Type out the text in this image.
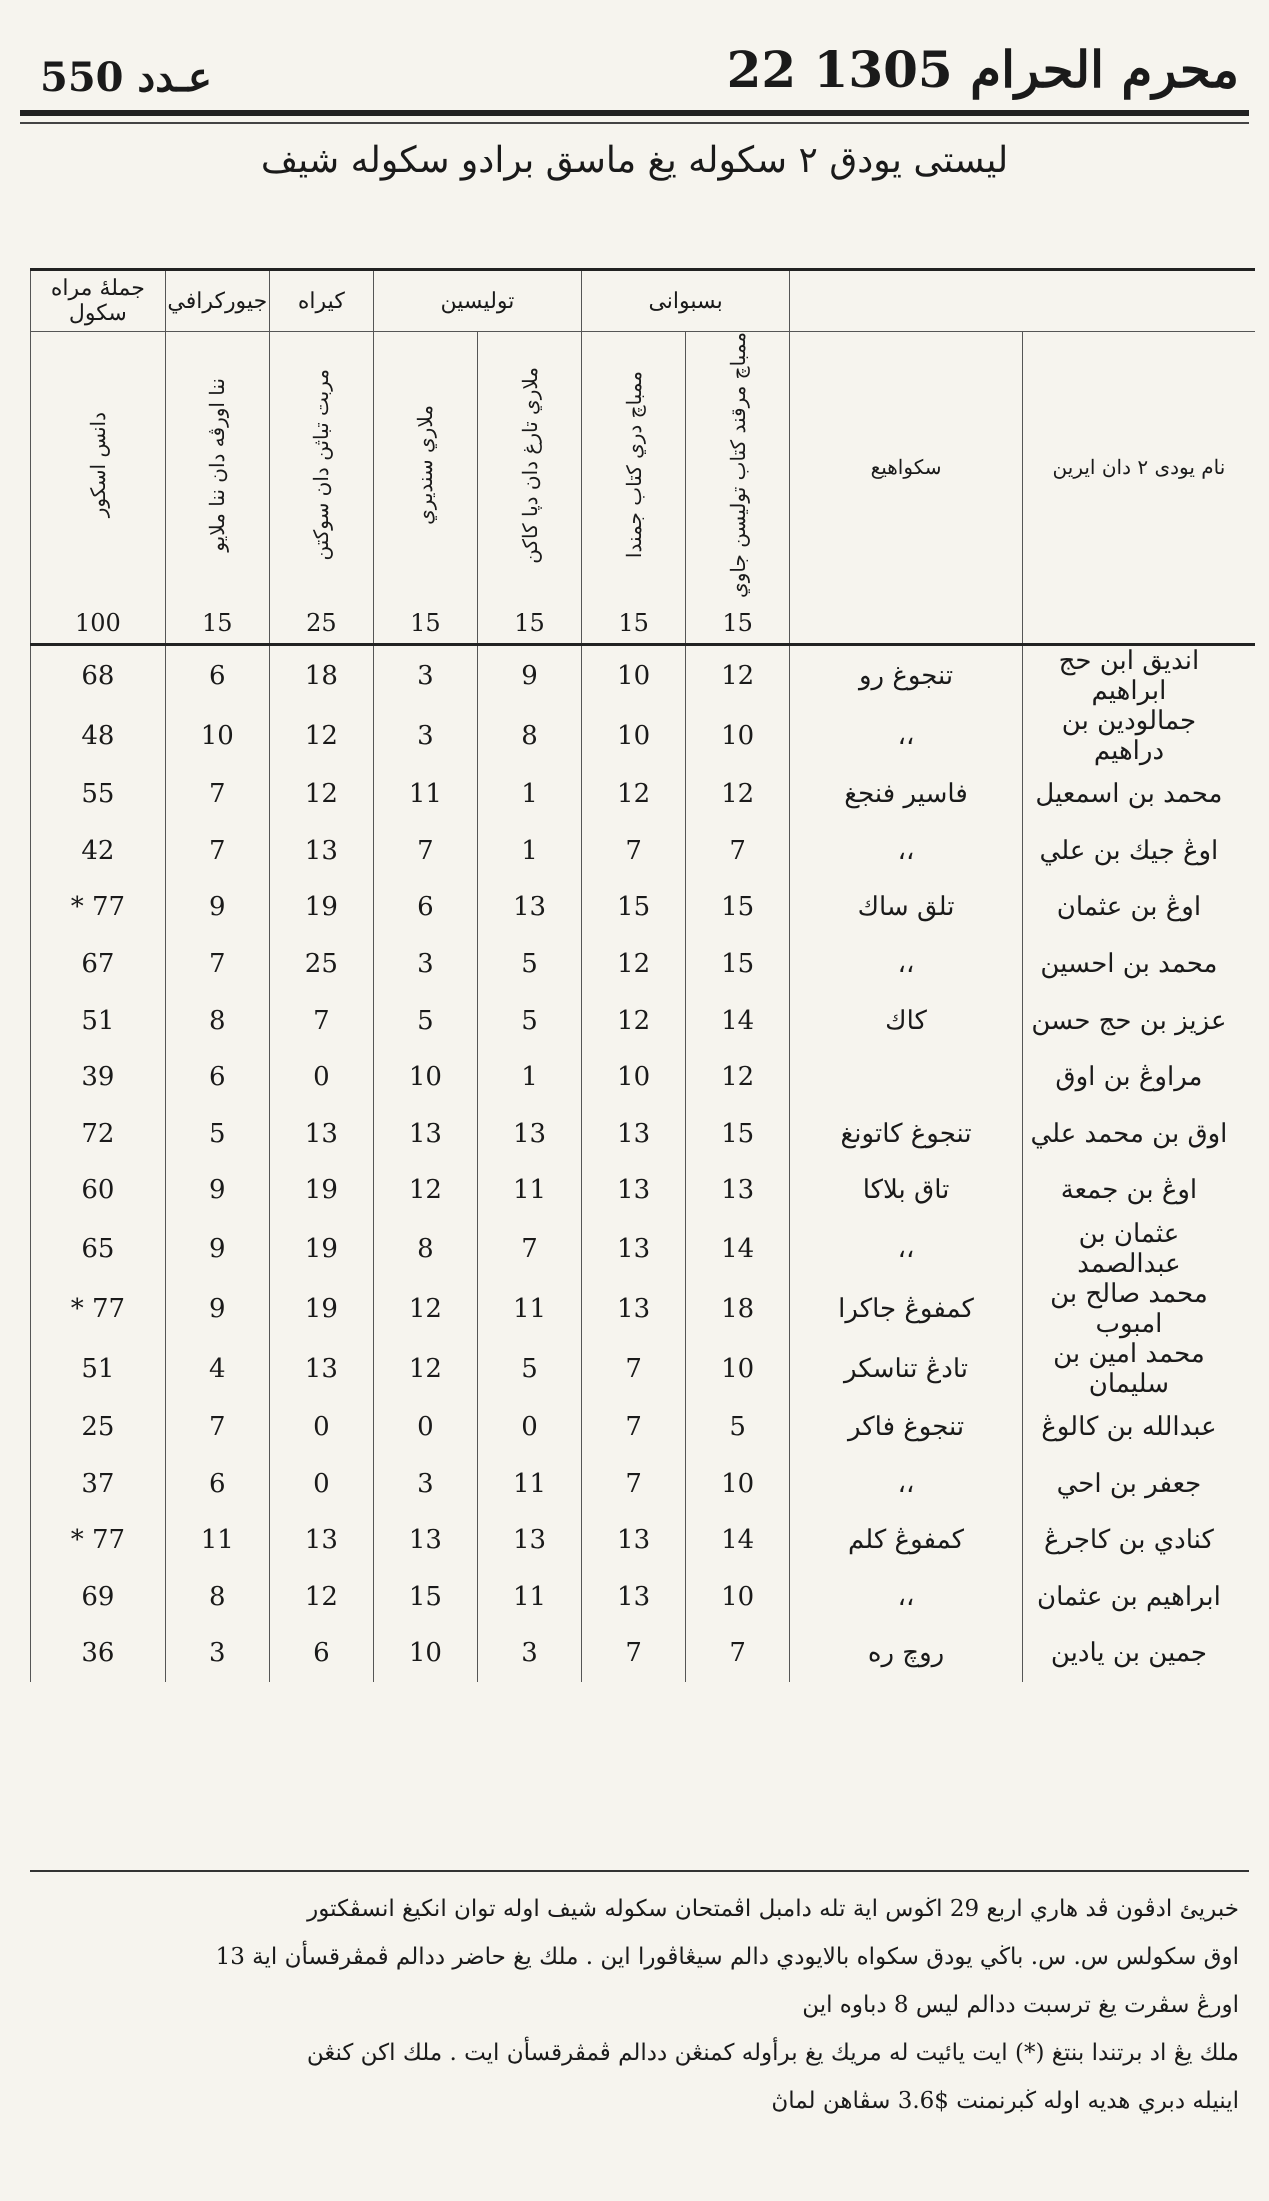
عـدد 550	22 محرم الحرام 1305
لیستی یودق ۲ سکوله یغ ماسق برادو سکوله شیف
		بسبوانی		توليسين		کیراه	جیورکرافي	جملهٔ مراه سکول
نام یودی ۲ دان ایرین	سکواهیع	ممباچ مرقند کتاب توليسن جاوي	ممباچ دري کتاب جمندا	ملاري تارغ دان دپا کاکن	ملاري سنديري	مربت تباثن دان سوکتن	ننا اورڤه دان ننا ملايو	دانس اسکور
		15	15	15	15	25	15	100
انديق ابن حج ابراهيم	تنجوغ رو	12	10	9	3	18	6	68
جمالودين بن دراهيم	،،	10	10	8	3	12	10	48
محمد بن اسمعيل	فاسير فنجغ	12	12	1	11	12	7	55
اوڠ جيك بن علي	،،	7	7	1	7	13	7	42
اوڠ بن عثمان	تلق ساك	15	15	13	6	19	9	77 *
محمد بن احسين	،،	15	12	5	3	25	7	67
عزيز بن حج حسن	كاك	14	12	5	5	7	8	51
مراوڠ بن اوق		12	10	1	10	0	6	39
اوق بن محمد علي	تنجوغ كاتونغ	15	13	13	13	13	5	72
اوڠ بن جمعة	تاق بلاكا	13	13	11	12	19	9	60
عثمان بن عبدالصمد	،،	14	13	7	8	19	9	65
محمد صالح بن امبوب	كمفوڠ جاكرا	18	13	11	12	19	9	77 *
محمد امين بن سليمان	تادڠ تناسكر	10	7	5	12	13	4	51
عبدالله بن كالوڠ	تنجوغ فاكر	5	7	0	0	0	7	25
جعفر بن احي	،،	10	7	11	3	0	6	37
كنادي بن كاجرڠ	كمفوڠ كلم	14	13	13	13	13	11	77 *
ابراهيم بن عثمان	،،	10	13	11	15	12	8	69
جمين بن يادين	روچ ره	7	7	3	10	6	3	36

خبريئ ادڤون ڤد هاري اربع 29 اڬوس اية تله دامبل اڤمتحان سكوله شيف اوله توان انكيغ انسڤكتور

اوق سكولس س. س. باڬي يودق سكواه بالايودي دالم سيڠاڤورا اين . ملك يغ حاضر ددالم ڤمڤرقسأن اية 13

اورڠ سڤرت يغ ترسبت ددالم ليس 8 دباوه اين

ملك يڠ اد برتندا بنتغ (*) ايت يائيت له مريك يغ برأوله كمنڠن ددالم ڤمڤرقسأن ايت . ملك اكن كنڠن

اينيله دبري هديه اوله ڬبرنمنت $3.6 سڤاهن لماڽ
